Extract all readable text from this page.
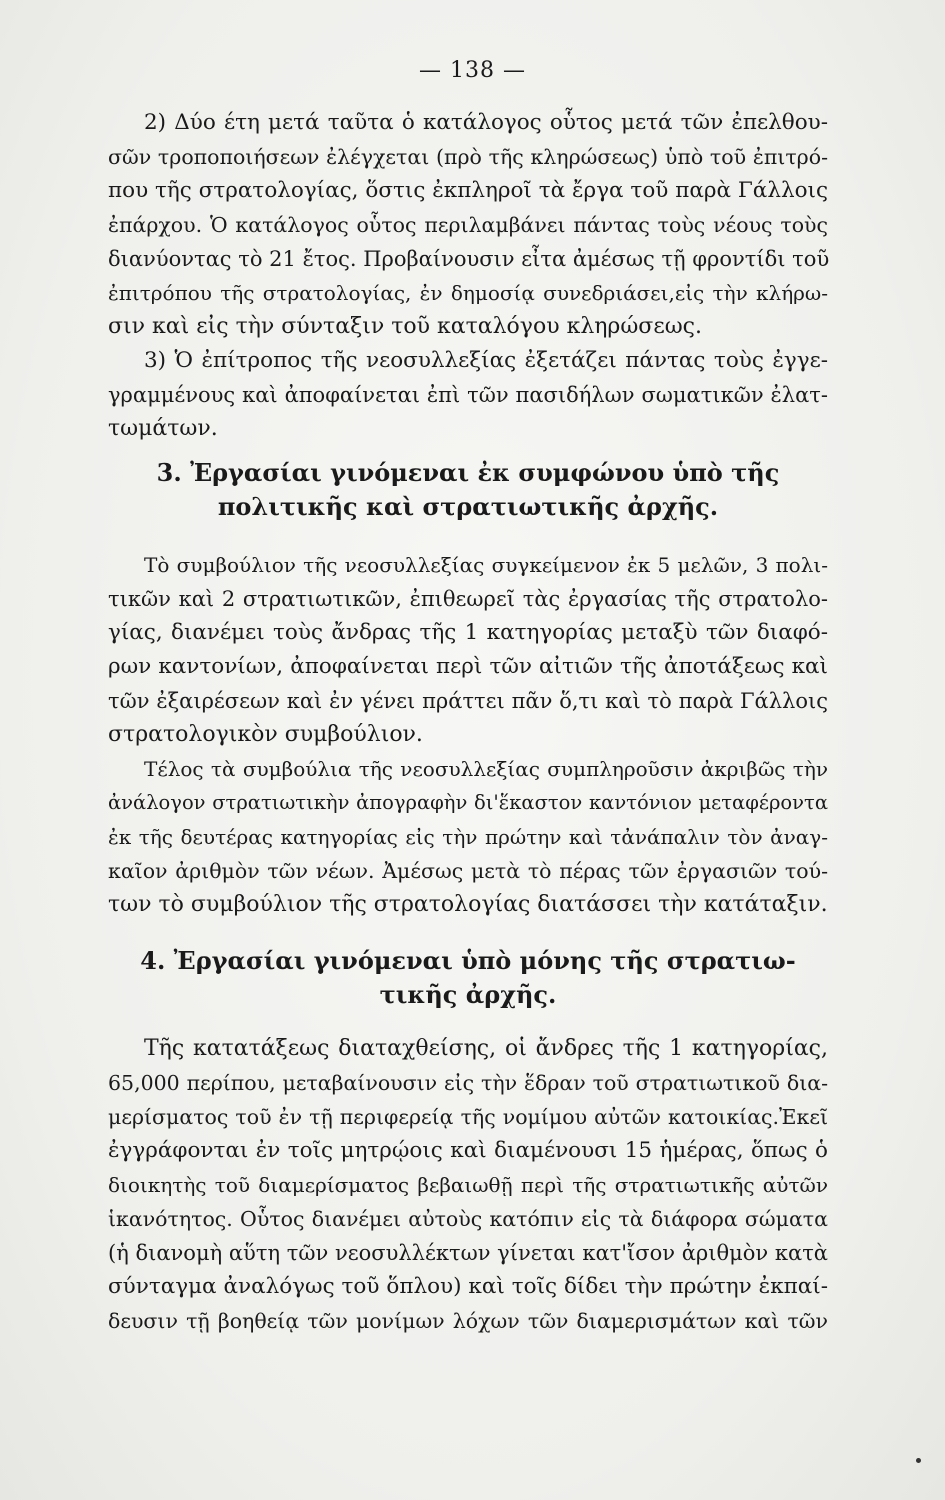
— 138 —
2) Δύο έτη μετά ταῦτα ὁ κατάλογος οὗτος μετά τῶν ἐπελθου-
σῶν τροποποιήσεων ἐλέγχεται (πρὸ τῆς κληρώσεως) ὑπὸ τοῦ ἐπιτρό-
που τῆς στρατολογίας, ὅστις ἐκπληροῖ τὰ ἔργα τοῦ παρὰ Γάλλοις
ἐπάρχου. Ὁ κατάλογος οὗτος περιλαμβάνει πάντας τοὺς νέους τοὺς
διανύοντας τὸ 21 ἔτος. Προβαίνουσιν εἶτα ἀμέσως τῇ φροντίδι τοῦ
ἐπιτρόπου τῆς στρατολογίας, ἐν δημοσίᾳ συνεδριάσει,εἰς τὴν κλήρω-
σιν καὶ εἰς τὴν σύνταξιν τοῦ καταλόγου κληρώσεως.
3) Ὁ ἐπίτροπος τῆς νεοσυλλεξίας ἐξετάζει πάντας τοὺς ἐγγε-
γραμμένους καὶ ἀποφαίνεται ἐπὶ τῶν πασιδήλων σωματικῶν ἐλατ-
τωμάτων.
3. Ἐργασίαι γινόμεναι ἐκ συμφώνου ὑπὸ τῆς
πολιτικῆς καὶ στρατιωτικῆς ἀρχῆς.
Τὸ συμβούλιον τῆς νεοσυλλεξίας συγκείμενον ἐκ 5 μελῶν, 3 πολι-
τικῶν καὶ 2 στρατιωτικῶν, ἐπιθεωρεῖ τὰς ἐργασίας τῆς στρατολο-
γίας, διανέμει τοὺς ἄνδρας τῆς 1 κατηγορίας μεταξὺ τῶν διαφό-
ρων καντονίων, ἀποφαίνεται περὶ τῶν αἰτιῶν τῆς ἀποτάξεως καὶ
τῶν ἐξαιρέσεων καὶ ἐν γένει πράττει πᾶν ὅ,τι καὶ τὸ παρὰ Γάλλοις
στρατολογικὸν συμβούλιον.
Τέλος τὰ συμβούλια τῆς νεοσυλλεξίας συμπληροῦσιν ἀκριβῶς τὴν
ἀνάλογον στρατιωτικὴν ἀπογραφὴν δι'ἕκαστον καντόνιον μεταφέροντα
ἐκ τῆς δευτέρας κατηγορίας εἰς τὴν πρώτην καὶ τἀνάπαλιν τὸν ἀναγ-
καῖον ἀριθμὸν τῶν νέων. Ἀμέσως μετὰ τὸ πέρας τῶν ἐργασιῶν τού-
των τὸ συμβούλιον τῆς στρατολογίας διατάσσει τὴν κατάταξιν.
4. Ἐργασίαι γινόμεναι ὑπὸ μόνης τῆς στρατιω-
τικῆς ἀρχῆς.
Τῆς κατατάξεως διαταχθείσης, οἱ ἄνδρες τῆς 1 κατηγορίας,
65,000 περίπου, μεταβαίνουσιν εἰς τὴν ἕδραν τοῦ στρατιωτικοῦ δια-
μερίσματος τοῦ ἐν τῇ περιφερείᾳ τῆς νομίμου αὐτῶν κατοικίας.Ἐκεῖ
ἐγγράφονται ἐν τοῖς μητρῴοις καὶ διαμένουσι 15 ἡμέρας, ὅπως ὁ
διοικητὴς τοῦ διαμερίσματος βεβαιωθῇ περὶ τῆς στρατιωτικῆς αὐτῶν
ἱκανότητος. Οὗτος διανέμει αὐτοὺς κατόπιν εἰς τὰ διάφορα σώματα
(ἡ διανομὴ αὕτη τῶν νεοσυλλέκτων γίνεται κατ'ἴσον ἀριθμὸν κατὰ
σύνταγμα ἀναλόγως τοῦ ὅπλου) καὶ τοῖς δίδει τὴν πρώτην ἐκπαί-
δευσιν τῇ βοηθείᾳ τῶν μονίμων λόχων τῶν διαμερισμάτων καὶ τῶν
